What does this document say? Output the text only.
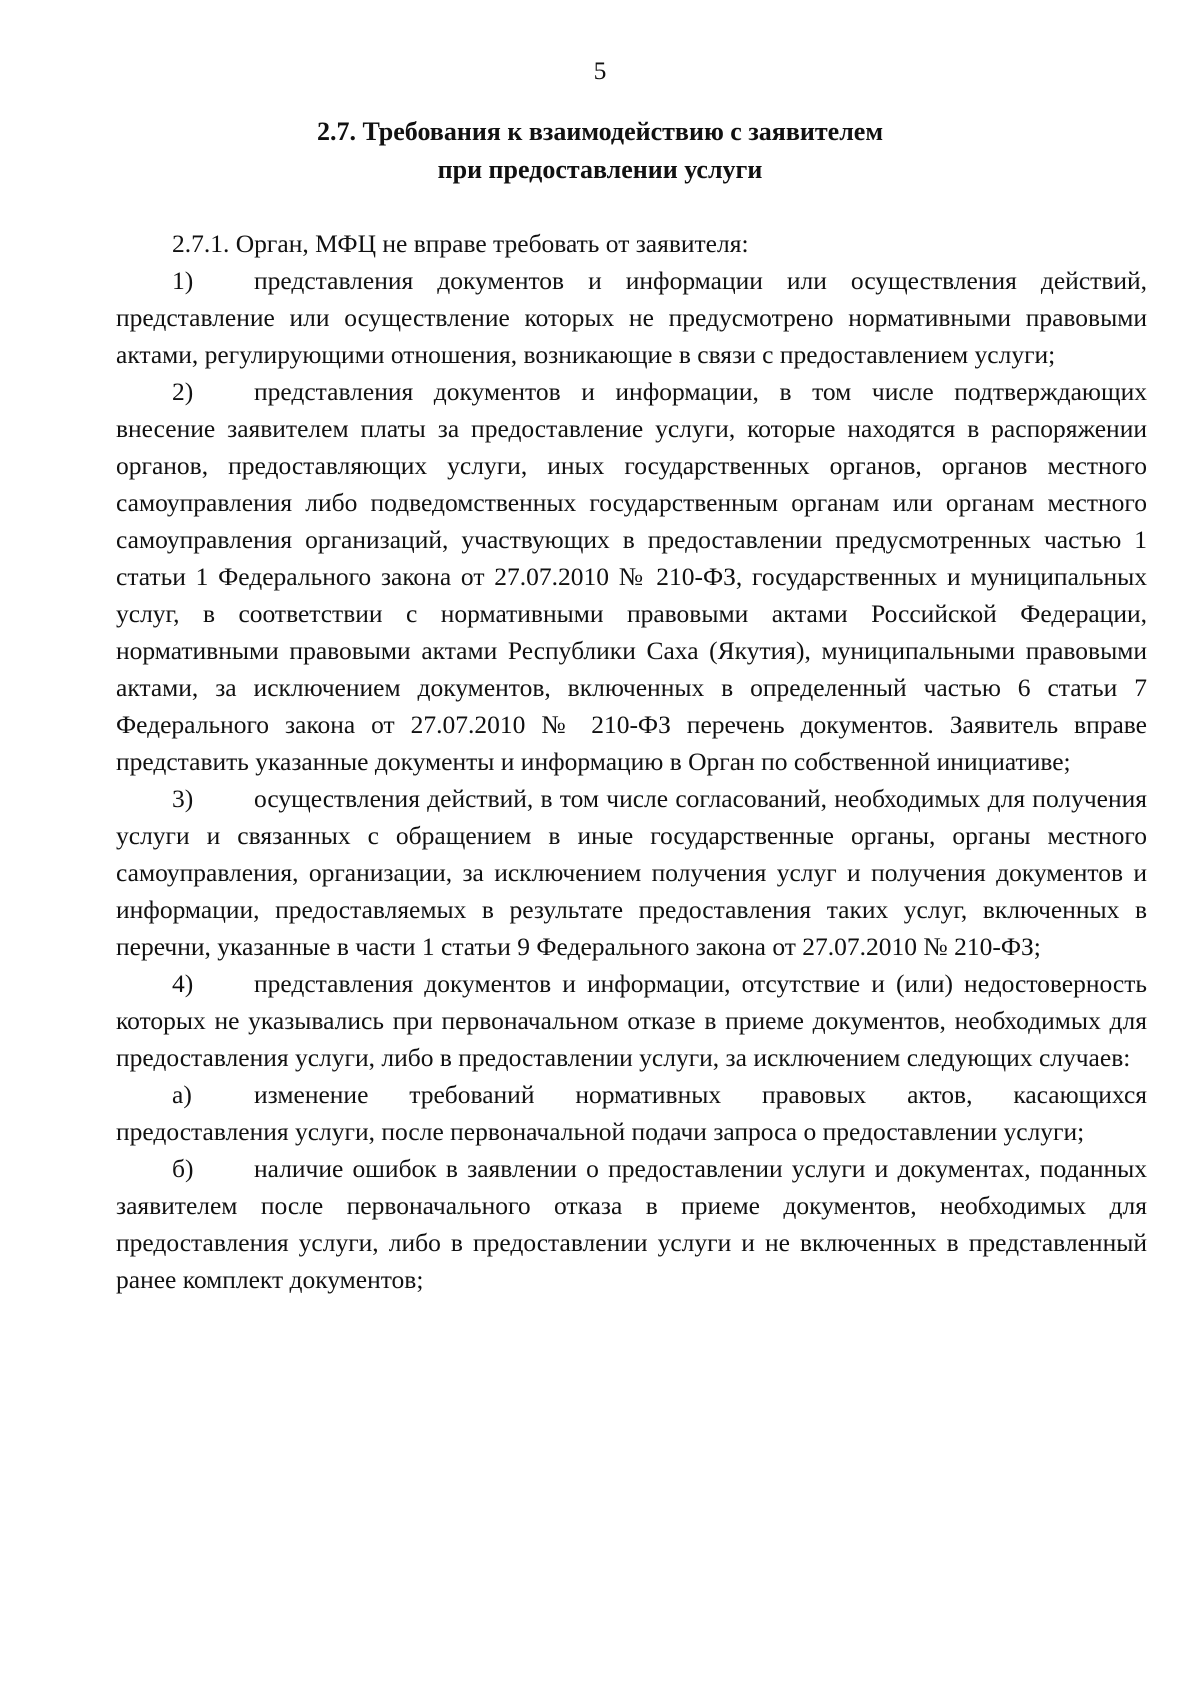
5

2.7. Требования к взаимодействию с заявителем
при предоставлении услуги

2.7.1. Орган, МФЦ не вправе требовать от заявителя:

1) представления документов и информации или осуществления действий, представление или осуществление которых не предусмотрено нормативными правовыми актами, регулирующими отношения, возникающие в связи с предоставлением услуги;

2) представления документов и информации, в том числе подтверждающих внесение заявителем платы за предоставление услуги, которые находятся в распоряжении органов, предоставляющих услуги, иных государственных органов, органов местного самоуправления либо подведомственных государственным органам или органам местного самоуправления организаций, участвующих в предоставлении предусмотренных частью 1 статьи 1 Федерального закона от 27.07.2010 № 210-ФЗ, государственных и муниципальных услуг, в соответствии с нормативными правовыми актами Российской Федерации, нормативными правовыми актами Республики Саха (Якутия), муниципальными правовыми актами, за исключением документов, включенных в определенный частью 6 статьи 7 Федерального закона от 27.07.2010 № 210-ФЗ перечень документов. Заявитель вправе представить указанные документы и информацию в Орган по собственной инициативе;

3) осуществления действий, в том числе согласований, необходимых для получения услуги и связанных с обращением в иные государственные органы, органы местного самоуправления, организации, за исключением получения услуг и получения документов и информации, предоставляемых в результате предоставления таких услуг, включенных в перечни, указанные в части 1 статьи 9 Федерального закона от 27.07.2010 № 210-ФЗ;

4) представления документов и информации, отсутствие и (или) недостоверность которых не указывались при первоначальном отказе в приеме документов, необходимых для предоставления услуги, либо в предоставлении услуги, за исключением следующих случаев:

а) изменение требований нормативных правовых актов, касающихся предоставления услуги, после первоначальной подачи запроса о предоставлении услуги;

б) наличие ошибок в заявлении о предоставлении услуги и документах, поданных заявителем после первоначального отказа в приеме документов, необходимых для предоставления услуги, либо в предоставлении услуги и не включенных в представленный ранее комплект документов;
